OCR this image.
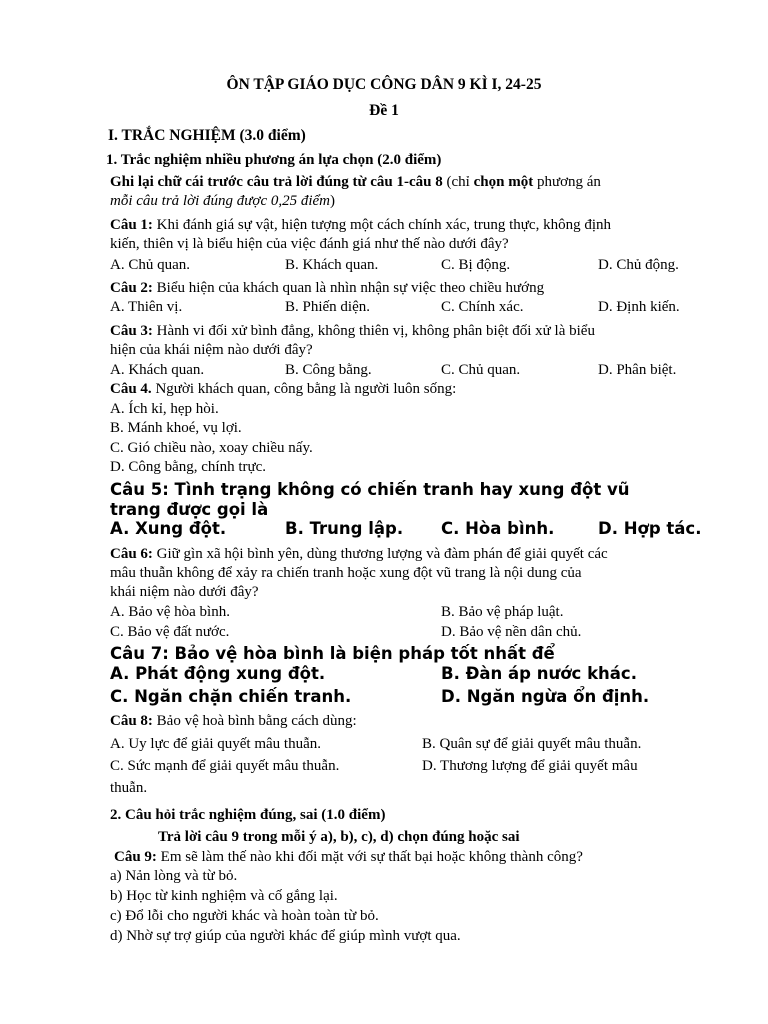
ÔN TẬP GIÁO DỤC CÔNG DÂN 9 KÌ I, 24-25
Đề 1
I. TRẮC NGHIỆM (3.0 điểm)
1. Trắc nghiệm nhiều phương án lựa chọn (2.0 điểm)
Ghi lại chữ cái trước câu trả lời đúng từ câu 1-câu 8 (chỉ chọn một phương án
mỗi câu trả lời đúng được 0,25 điểm)
Câu 1: Khi đánh giá sự vật, hiện tượng một cách chính xác, trung thực, không định
kiến, thiên vị là biểu hiện của việc đánh giá như thế nào dưới đây?
A. Chủ quan.	B. Khách quan.	C. Bị động.	D. Chủ động.
Câu 2: Biểu hiện của khách quan là nhìn nhận sự việc theo chiều hướng
A. Thiên vị.	B. Phiến diện.	C. Chính xác.	D. Định kiến.
Câu 3: Hành vi đối xử bình đẳng, không thiên vị, không phân biệt đối xử là biểu
hiện của khái niệm nào dưới đây?
A. Khách quan.	B. Công bằng.	C. Chủ quan.	D. Phân biệt.
Câu 4. Người khách quan, công bằng là người luôn sống:
A. Ích kỉ, hẹp hòi.
B. Mánh khoé, vụ lợi.
C. Gió chiều nào, xoay chiều nấy.
D. Công bằng, chính trực.
Câu 5: Tình trạng không có chiến tranh hay xung đột vũ
trang được gọi là
A. Xung đột.	B. Trung lập. C. Hòa bình.	D. Hợp tác.
Câu 6: Giữ gìn xã hội bình yên, dùng thương lượng và đàm phán để giải quyết các
mâu thuẫn không để xảy ra chiến tranh hoặc xung đột vũ trang là nội dung của
khái niệm nào dưới đây?
A. Bảo vệ hòa bình.	B. Bảo vệ pháp luật.
C. Bảo vệ đất nước.	D. Bảo vệ nền dân chủ.
Câu 7: Bảo vệ hòa bình là biện pháp tốt nhất để
A. Phát động xung đột.	B. Đàn áp nước khác.
C. Ngăn chặn chiến tranh.	D. Ngăn ngừa ổn định.
Câu 8: Bảo vệ hoà bình bằng cách dùng:
A. Uy lực để giải quyết mâu thuẫn.	B. Quân sự để giải quyết mâu thuẫn.
C. Sức mạnh để giải quyết mâu thuẫn.	D. Thương lượng để giải quyết mâu
thuẫn.
2. Câu hỏi trắc nghiệm đúng, sai (1.0 điểm)
Trả lời câu 9 trong mỗi ý a), b), c), d) chọn đúng hoặc sai
Câu 9: Em sẽ làm thế nào khi đối mặt với sự thất bại hoặc không thành công?
a) Nản lòng và từ bỏ.
b) Học từ kinh nghiệm và cố gắng lại.
c) Đổ lỗi cho người khác và hoàn toàn từ bỏ.
d) Nhờ sự trợ giúp của người khác để giúp mình vượt qua.
